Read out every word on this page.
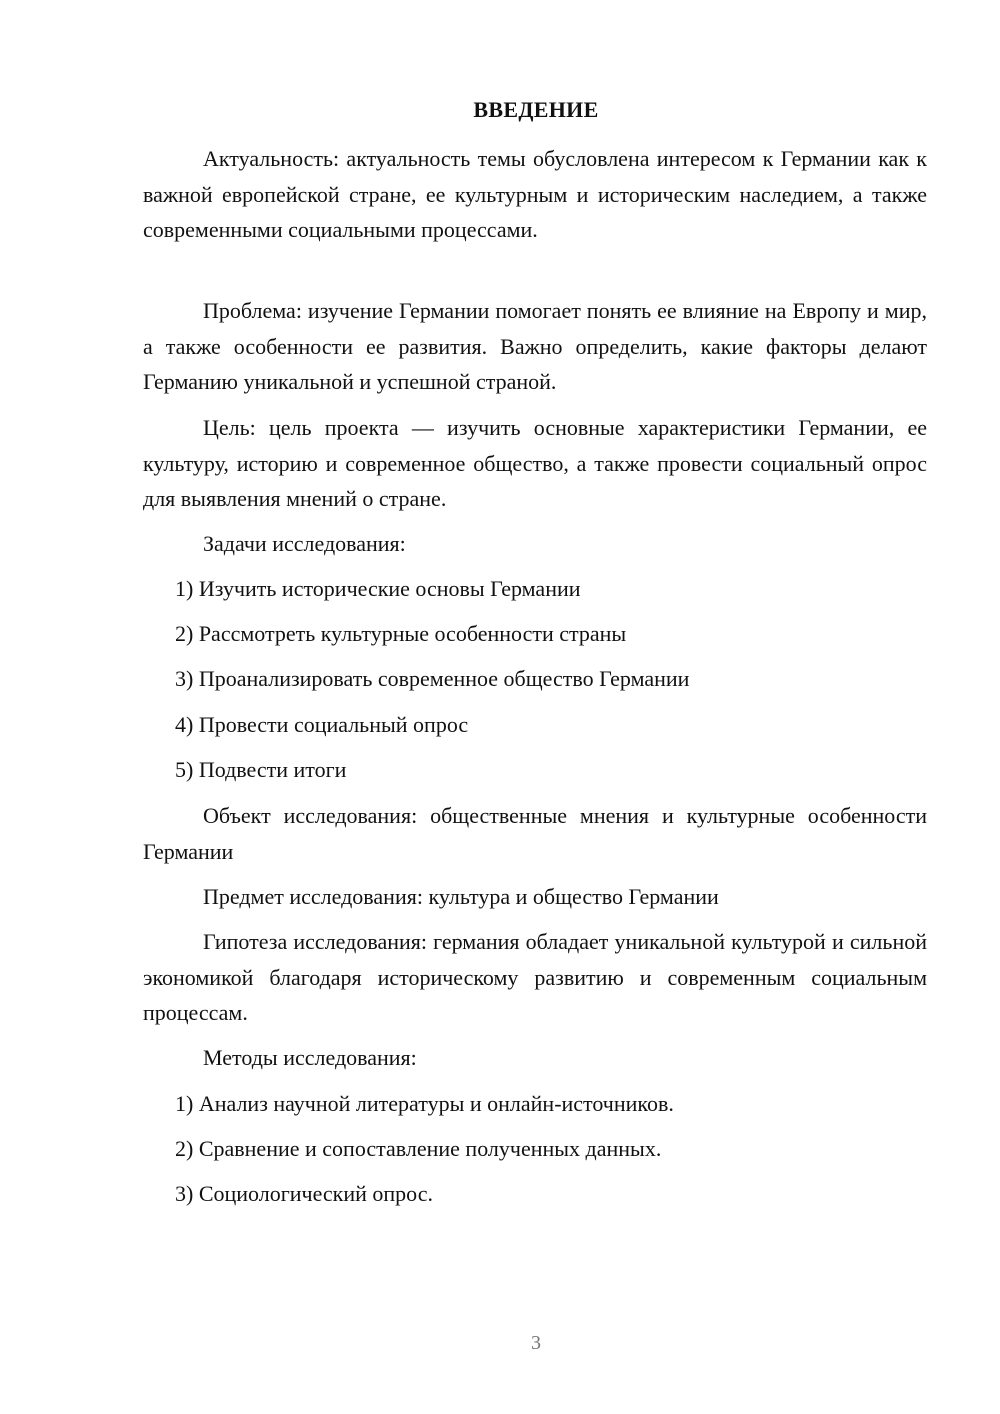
ВВЕДЕНИЕ

Актуальность: актуальность темы обусловлена интересом к Германии как к важной европейской стране, ее культурным и историческим наследием, а также современными социальными процессами.

Проблема: изучение Германии помогает понять ее влияние на Европу и мир, а также особенности ее развития. Важно определить, какие факторы делают Германию уникальной и успешной страной.

Цель: цель проекта — изучить основные характеристики Германии, ее культуру, историю и современное общество, а также провести социальный опрос для выявления мнений о стране.

Задачи исследования:
1) Изучить исторические основы Германии
2) Рассмотреть культурные особенности страны
3) Проанализировать современное общество Германии
4) Провести социальный опрос
5) Подвести итоги

Объект исследования: общественные мнения и культурные особенности Германии

Предмет исследования: культура и общество Германии

Гипотеза исследования: германия обладает уникальной культурой и сильной экономикой благодаря историческому развитию и современным социальным процессам.

Методы исследования:
1) Анализ научной литературы и онлайн-источников.
2) Сравнение и сопоставление полученных данных.
3) Социологический опрос.
3
